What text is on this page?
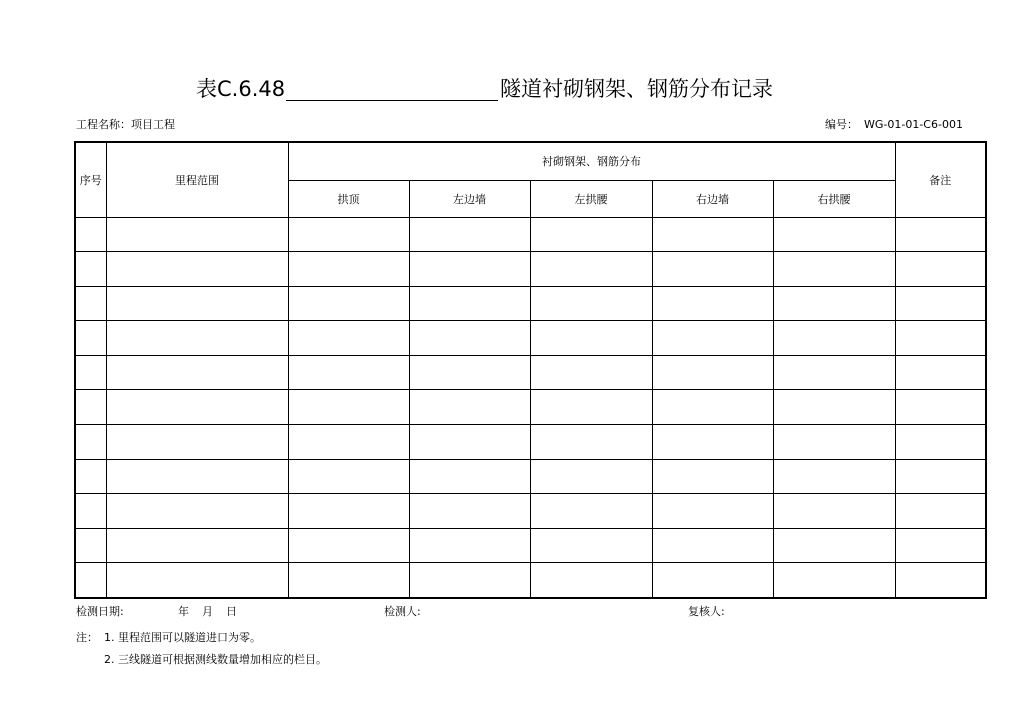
表C.6.48	隧道衬砌钢架、钢筋分布记录
工程名称：项目工程	编号： WG-01-01-C6-001
序号	里程范围	衬砌钢架、钢筋分布					备注
		拱顶	左边墙	左拱腰	右边墙	右拱腰	

检测日期:	年 月 日	检测人:	复核人:
注： 1. 里程范围可以隧道进口为零。
2. 三线隧道可根据测线数量增加相应的栏目。
